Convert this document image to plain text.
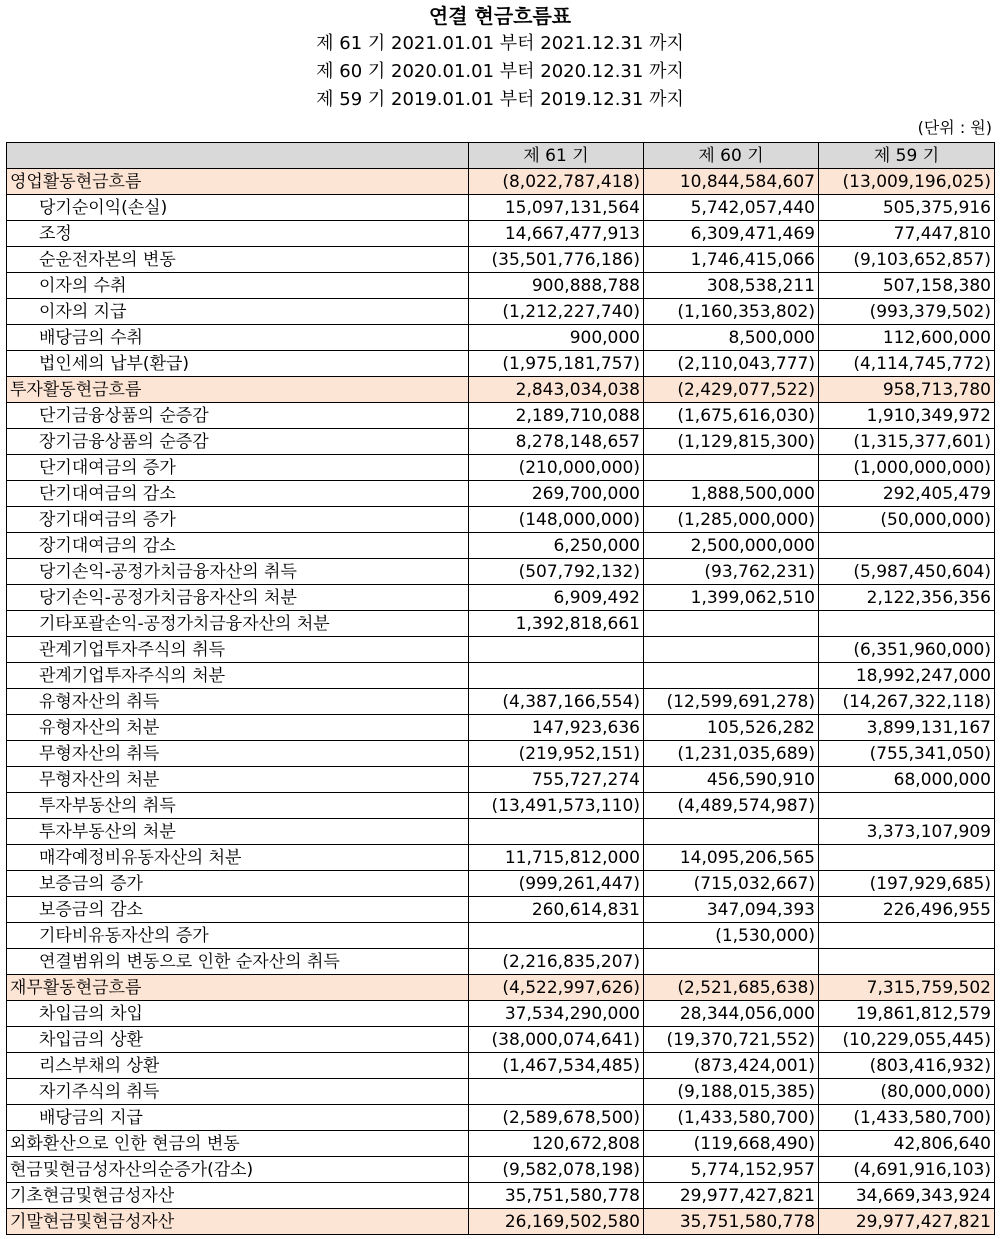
연결 현금흐름표
제 61 기 2021.01.01 부터 2021.12.31 까지
제 60 기 2020.01.01 부터 2020.12.31 까지
제 59 기 2019.01.01 부터 2019.12.31 까지
(단위 : 원)
	제 61 기	제 60 기	제 59 기
영업활동현금흐름	(8,022,787,418)	10,844,584,607	(13,009,196,025)
당기순이익(손실)	15,097,131,564	5,742,057,440	505,375,916
조정	14,667,477,913	6,309,471,469	77,447,810
순운전자본의 변동	(35,501,776,186)	1,746,415,066	(9,103,652,857)
이자의 수취	900,888,788	308,538,211	507,158,380
이자의 지급	(1,212,227,740)	(1,160,353,802)	(993,379,502)
배당금의 수취	900,000	8,500,000	112,600,000
법인세의 납부(환급)	(1,975,181,757)	(2,110,043,777)	(4,114,745,772)
투자활동현금흐름	2,843,034,038	(2,429,077,522)	958,713,780
단기금융상품의 순증감	2,189,710,088	(1,675,616,030)	1,910,349,972
장기금융상품의 순증감	8,278,148,657	(1,129,815,300)	(1,315,377,601)
단기대여금의 증가	(210,000,000)		(1,000,000,000)
단기대여금의 감소	269,700,000	1,888,500,000	292,405,479
장기대여금의 증가	(148,000,000)	(1,285,000,000)	(50,000,000)
장기대여금의 감소	6,250,000	2,500,000,000	
당기손익-공정가치금융자산의 취득	(507,792,132)	(93,762,231)	(5,987,450,604)
당기손익-공정가치금융자산의 처분	6,909,492	1,399,062,510	2,122,356,356
기타포괄손익-공정가치금융자산의 처분	1,392,818,661		
관계기업투자주식의 취득			(6,351,960,000)
관계기업투자주식의 처분			18,992,247,000
유형자산의 취득	(4,387,166,554)	(12,599,691,278)	(14,267,322,118)
유형자산의 처분	147,923,636	105,526,282	3,899,131,167
무형자산의 취득	(219,952,151)	(1,231,035,689)	(755,341,050)
무형자산의 처분	755,727,274	456,590,910	68,000,000
투자부동산의 취득	(13,491,573,110)	(4,489,574,987)	
투자부동산의 처분			3,373,107,909
매각예정비유동자산의 처분	11,715,812,000	14,095,206,565	
보증금의 증가	(999,261,447)	(715,032,667)	(197,929,685)
보증금의 감소	260,614,831	347,094,393	226,496,955
기타비유동자산의 증가		(1,530,000)	
연결범위의 변동으로 인한 순자산의 취득	(2,216,835,207)		
재무활동현금흐름	(4,522,997,626)	(2,521,685,638)	7,315,759,502
차입금의 차입	37,534,290,000	28,344,056,000	19,861,812,579
차입금의 상환	(38,000,074,641)	(19,370,721,552)	(10,229,055,445)
리스부채의 상환	(1,467,534,485)	(873,424,001)	(803,416,932)
자기주식의 취득		(9,188,015,385)	(80,000,000)
배당금의 지급	(2,589,678,500)	(1,433,580,700)	(1,433,580,700)
외화환산으로 인한 현금의 변동	120,672,808	(119,668,490)	42,806,640
현금및현금성자산의순증가(감소)	(9,582,078,198)	5,774,152,957	(4,691,916,103)
기초현금및현금성자산	35,751,580,778	29,977,427,821	34,669,343,924
기말현금및현금성자산	26,169,502,580	35,751,580,778	29,977,427,821
